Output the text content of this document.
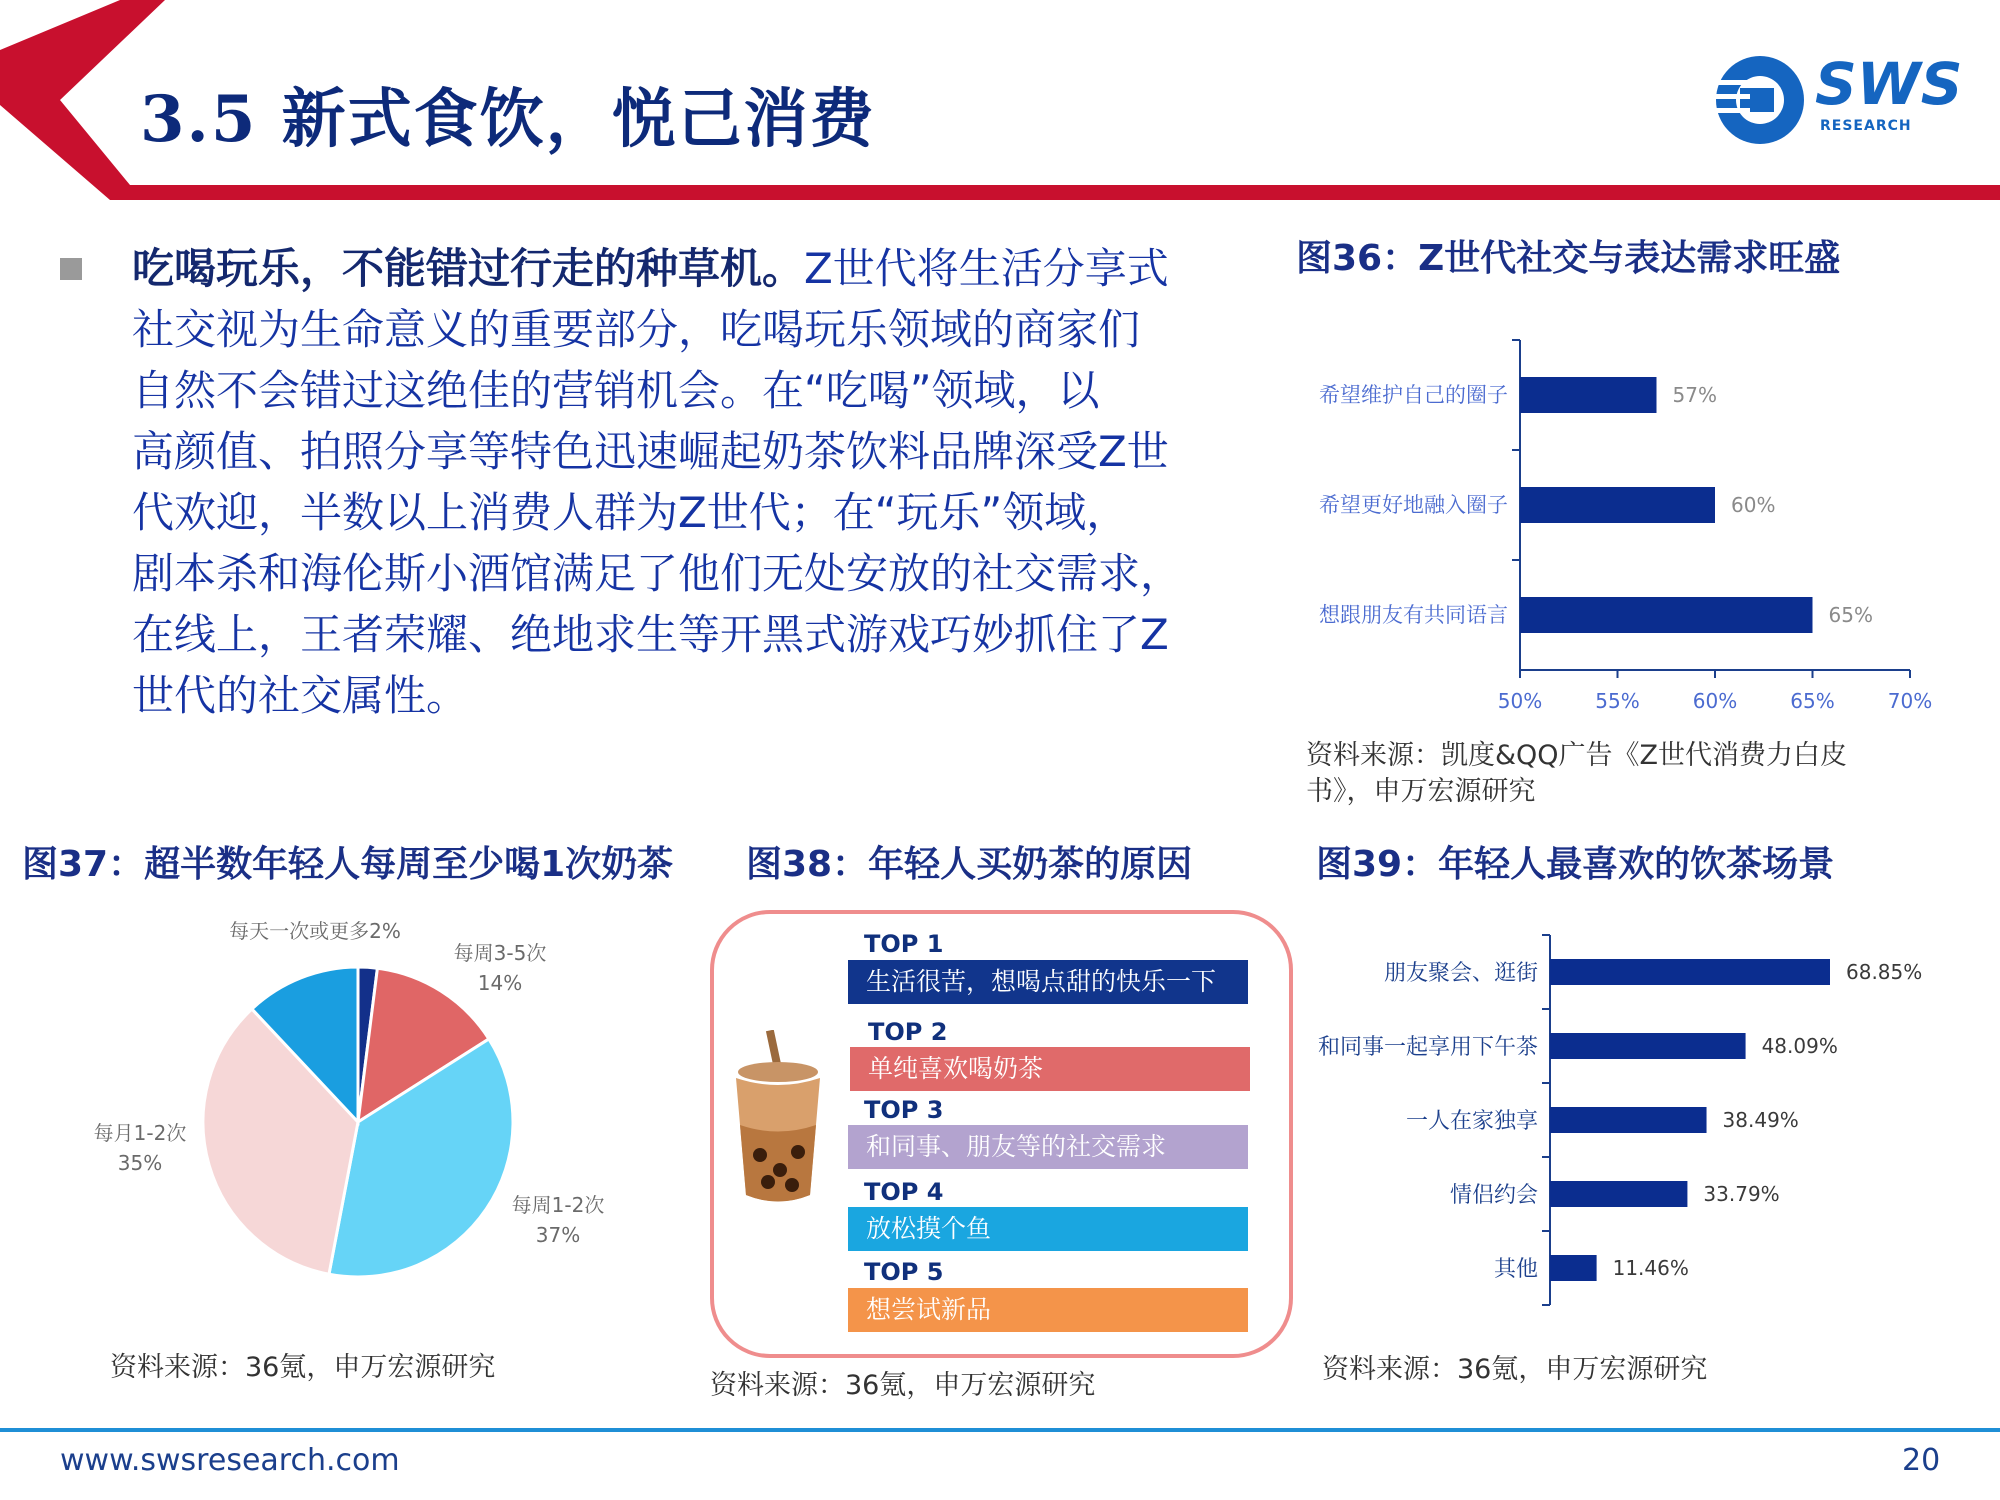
3.5 新式食饮，悦己消费	SWS
RESEARCH
吃喝玩乐，不能错过行走的种草机。Z世代将生活分享式
社交视为生命意义的重要部分，吃喝玩乐领域的商家们
自然不会错过这绝佳的营销机会。在“吃喝”领域，以
高颜值、拍照分享等特色迅速崛起奶茶饮料品牌深受Z世
代欢迎，半数以上消费人群为Z世代；在“玩乐”领域，
剧本杀和海伦斯小酒馆满足了他们无处安放的社交需求，
在线上，王者荣耀、绝地求生等开黑式游戏巧妙抓住了Z
世代的社交属性。
图36：Z世代社交与表达需求旺盛
50%	55%	60%	65%	70%
希望维护自己的圈子	57%
希望更好地融入圈子	60%
想跟朋友有共同语言	65%
资料来源：凯度&QQ广告《Z世代消费力白皮书》，申万宏源研究
图37：超半数年轻人每周至少喝1次奶茶
每天一次或更多2%
每周3-5次
14%
每周1-2次
37%
每月1-2次
35%
资料来源：36氪，申万宏源研究
图38：年轻人买奶茶的原因
TOP 1
生活很苦，想喝点甜的快乐一下
TOP 2
单纯喜欢喝奶茶
TOP 3
和同事、朋友等的社交需求
TOP 4
放松摸个鱼
TOP 5
想尝试新品
资料来源：36氪，申万宏源研究
图39：年轻人最喜欢的饮茶场景
朋友聚会、逛街	68.85%
和同事一起享用下午茶	48.09%
一人在家独享	38.49%
情侣约会	33.79%
其他	11.46%
资料来源：36氪，申万宏源研究
www.swsresearch.com	20
